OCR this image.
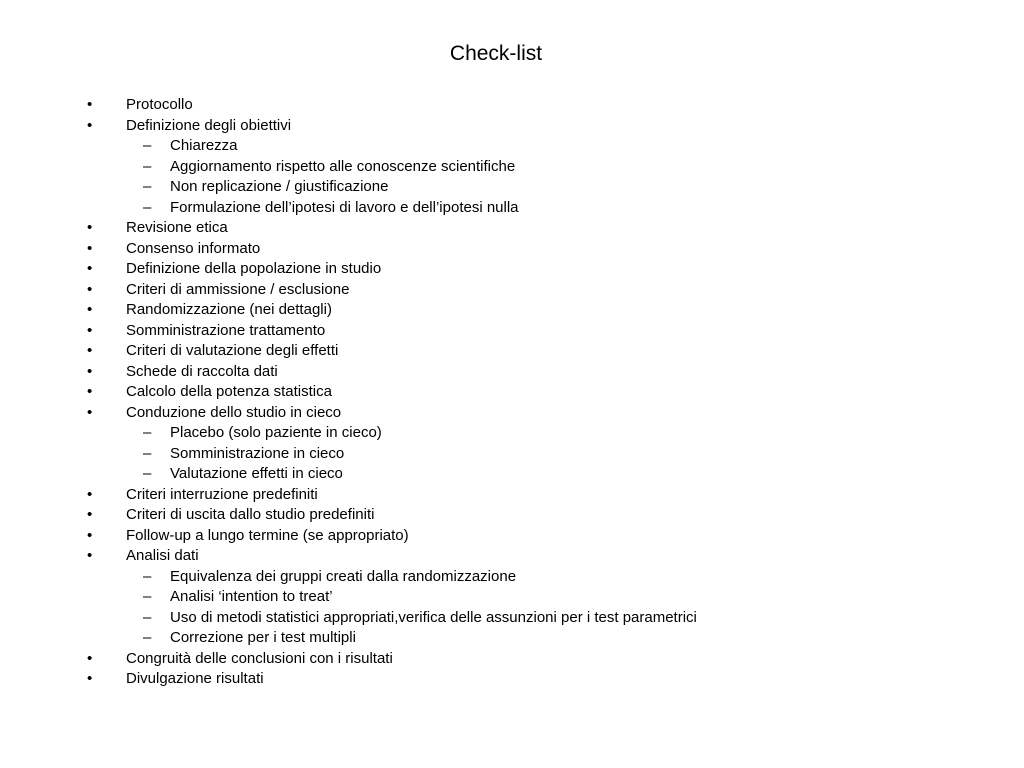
Check-list
• Protocollo
• Definizione degli obiettivi
– Chiarezza
– Aggiornamento rispetto alle conoscenze scientifiche
– Non replicazione / giustificazione
– Formulazione dell’ipotesi di lavoro e dell’ipotesi nulla
• Revisione etica
• Consenso informato
• Definizione della popolazione in studio
• Criteri di ammissione / esclusione
• Randomizzazione (nei dettagli)
• Somministrazione trattamento
• Criteri di valutazione degli effetti
• Schede di raccolta dati
• Calcolo della potenza statistica
• Conduzione dello studio in cieco
– Placebo (solo paziente in cieco)
– Somministrazione in cieco
– Valutazione effetti in cieco
• Criteri interruzione predefiniti
• Criteri di uscita dallo studio predefiniti
• Follow-up a lungo termine (se appropriato)
• Analisi dati
– Equivalenza dei gruppi creati dalla randomizzazione
– Analisi ‘intention to treat’
– Uso di metodi statistici appropriati,verifica delle assunzioni per i test parametrici
– Correzione per i test multipli
• Congruità delle conclusioni con i risultati
• Divulgazione risultati
